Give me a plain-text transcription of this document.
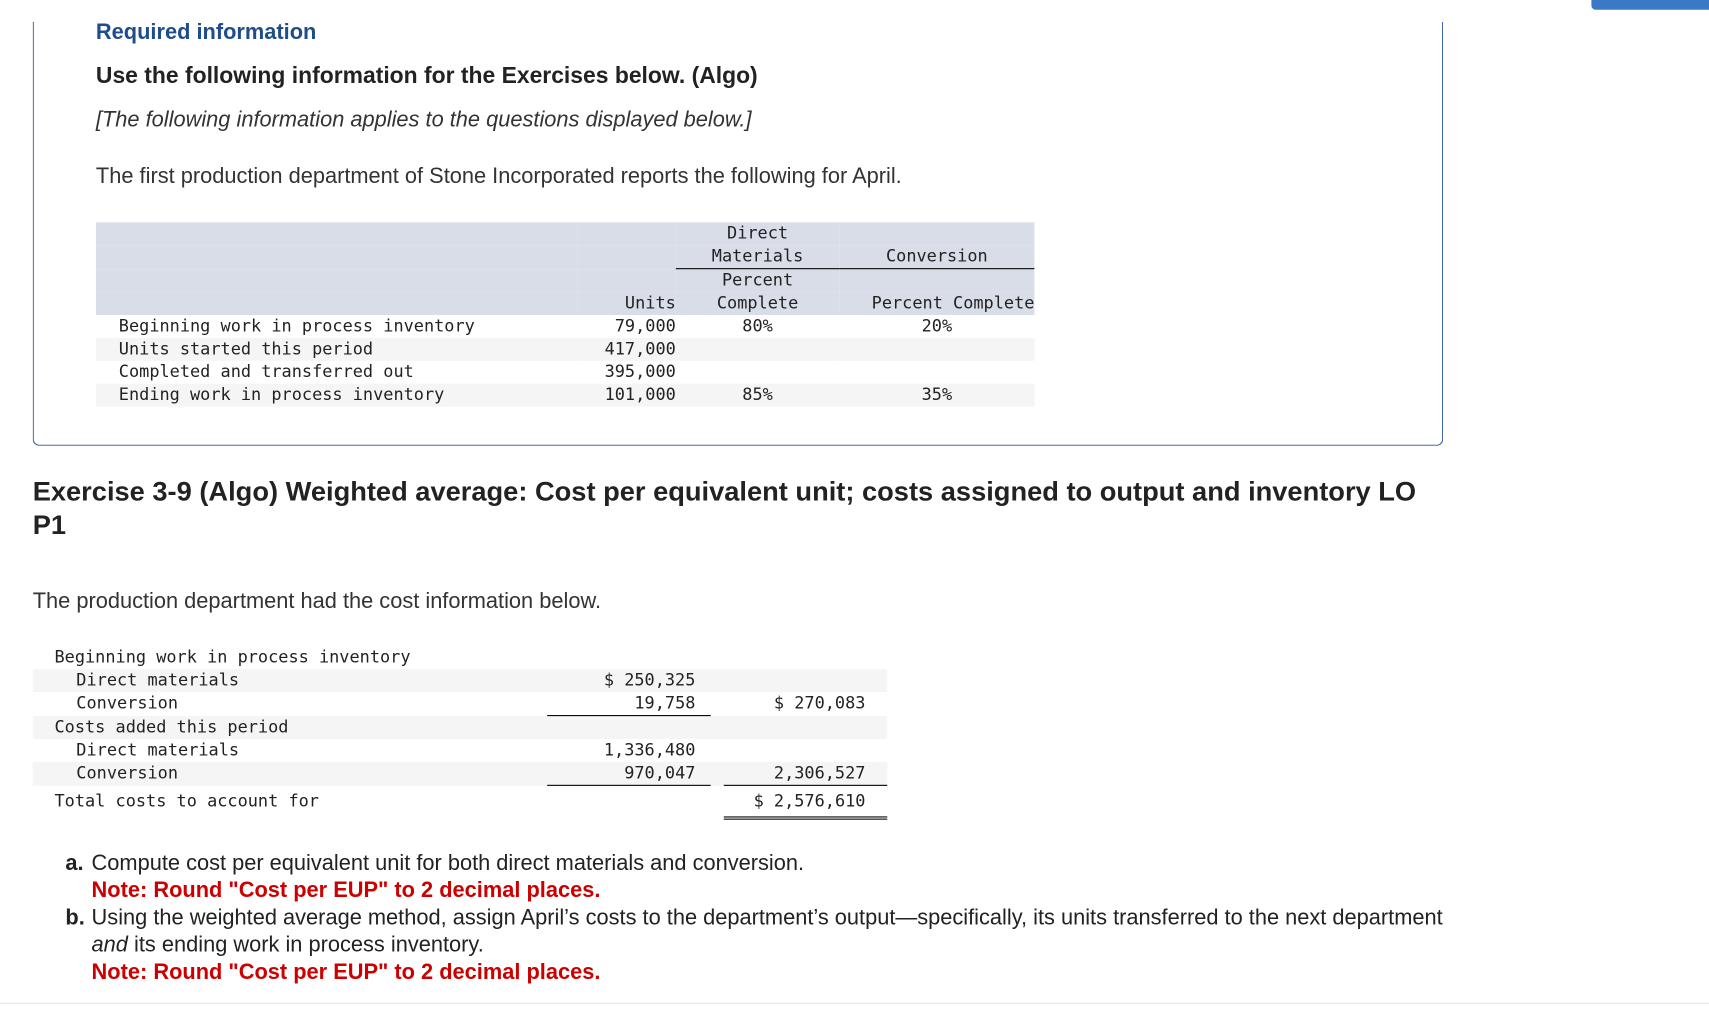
Required information
Use the following information for the Exercises below. (Algo)
[The following information applies to the questions displayed below.]
The first production department of Stone Incorporated reports the following for April.
		Direct	
		Materials	Conversion
		Percent	
	Units	Complete	Percent Complete
Beginning work in process inventory	79,000	80%	20%
Units started this period	417,000		
Completed and transferred out	395,000		
Ending work in process inventory	101,000	85%	35%
Exercise 3-9 (Algo) Weighted average: Cost per equivalent unit; costs assigned to output and inventory LO P1
The production department had the cost information below.
Beginning work in process inventory			
Direct materials	$ 250,325		
Conversion	19,758		$ 270,083
Costs added this period			
Direct materials	1,336,480		
Conversion	970,047		2,306,527
Total costs to account for			$ 2,576,610
a. Compute cost per equivalent unit for both direct materials and conversion.
Note: Round "Cost per EUP" to 2 decimal places.
b. Using the weighted average method, assign April’s costs to the department’s output—specifically, its units transferred to the next department and its ending work in process inventory.
Note: Round "Cost per EUP" to 2 decimal places.
